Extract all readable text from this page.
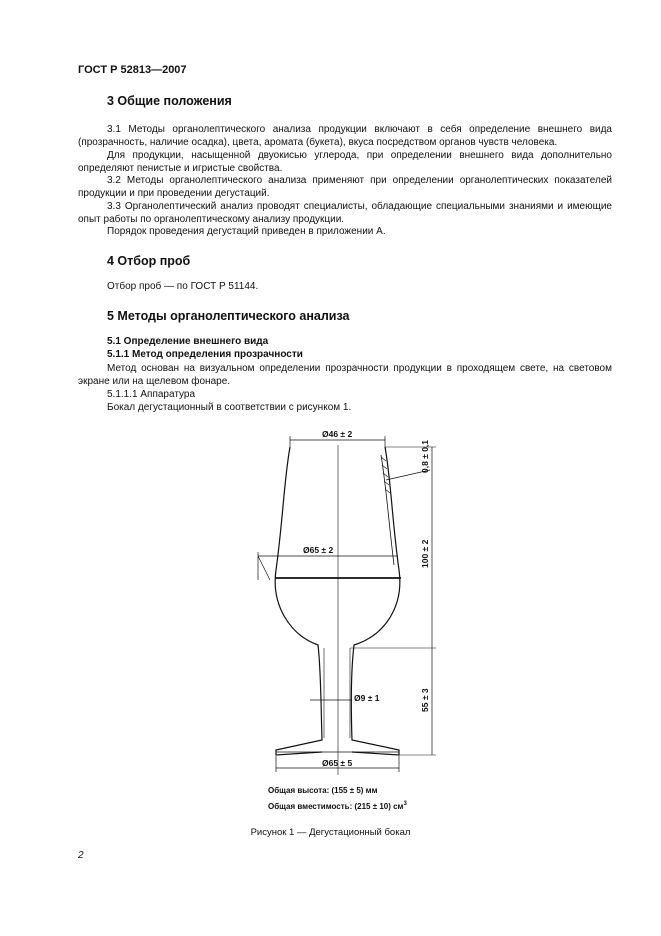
ГОСТ Р 52813—2007
3 Общие положения
3.1 Методы органолептического анализа продукции включают в себя определение внешнего вида (прозрачность, наличие осадка), цвета, аромата (букета), вкуса посредством органов чувств человека.
Для продукции, насыщенной двуокисью углерода, при определении внешнего вида дополнительно определяют пенистые и игристые свойства.
3.2 Методы органолептического анализа применяют при определении органолептических показателей продукции и при проведении дегустаций.
3.3 Органолептический анализ проводят специалисты, обладающие специальными знаниями и имеющие опыт работы по органолептическому анализу продукции.
Порядок проведения дегустаций приведен в приложении А.
4 Отбор проб
Отбор проб — по ГОСТ Р 51144.
5 Методы органолептического анализа
5.1 Определение внешнего вида
5.1.1 Метод определения прозрачности
Метод основан на визуальном определении прозрачности продукции в проходящем свете, на световом экране или на щелевом фонаре.
5.1.1.1 Аппаратура
Бокал дегустационный в соответствии с рисунком 1.
Ø46 ± 2
Ø65 ± 2
Ø9 ± 1
Ø65 ± 5
0,8 ± 0,1
100 ± 2
55 ± 3
Общая высота: (155 ± 5) мм
Общая вместимость: (215 ± 10) $см^3$
Рисунок 1 — Дегустационный бокал
2
